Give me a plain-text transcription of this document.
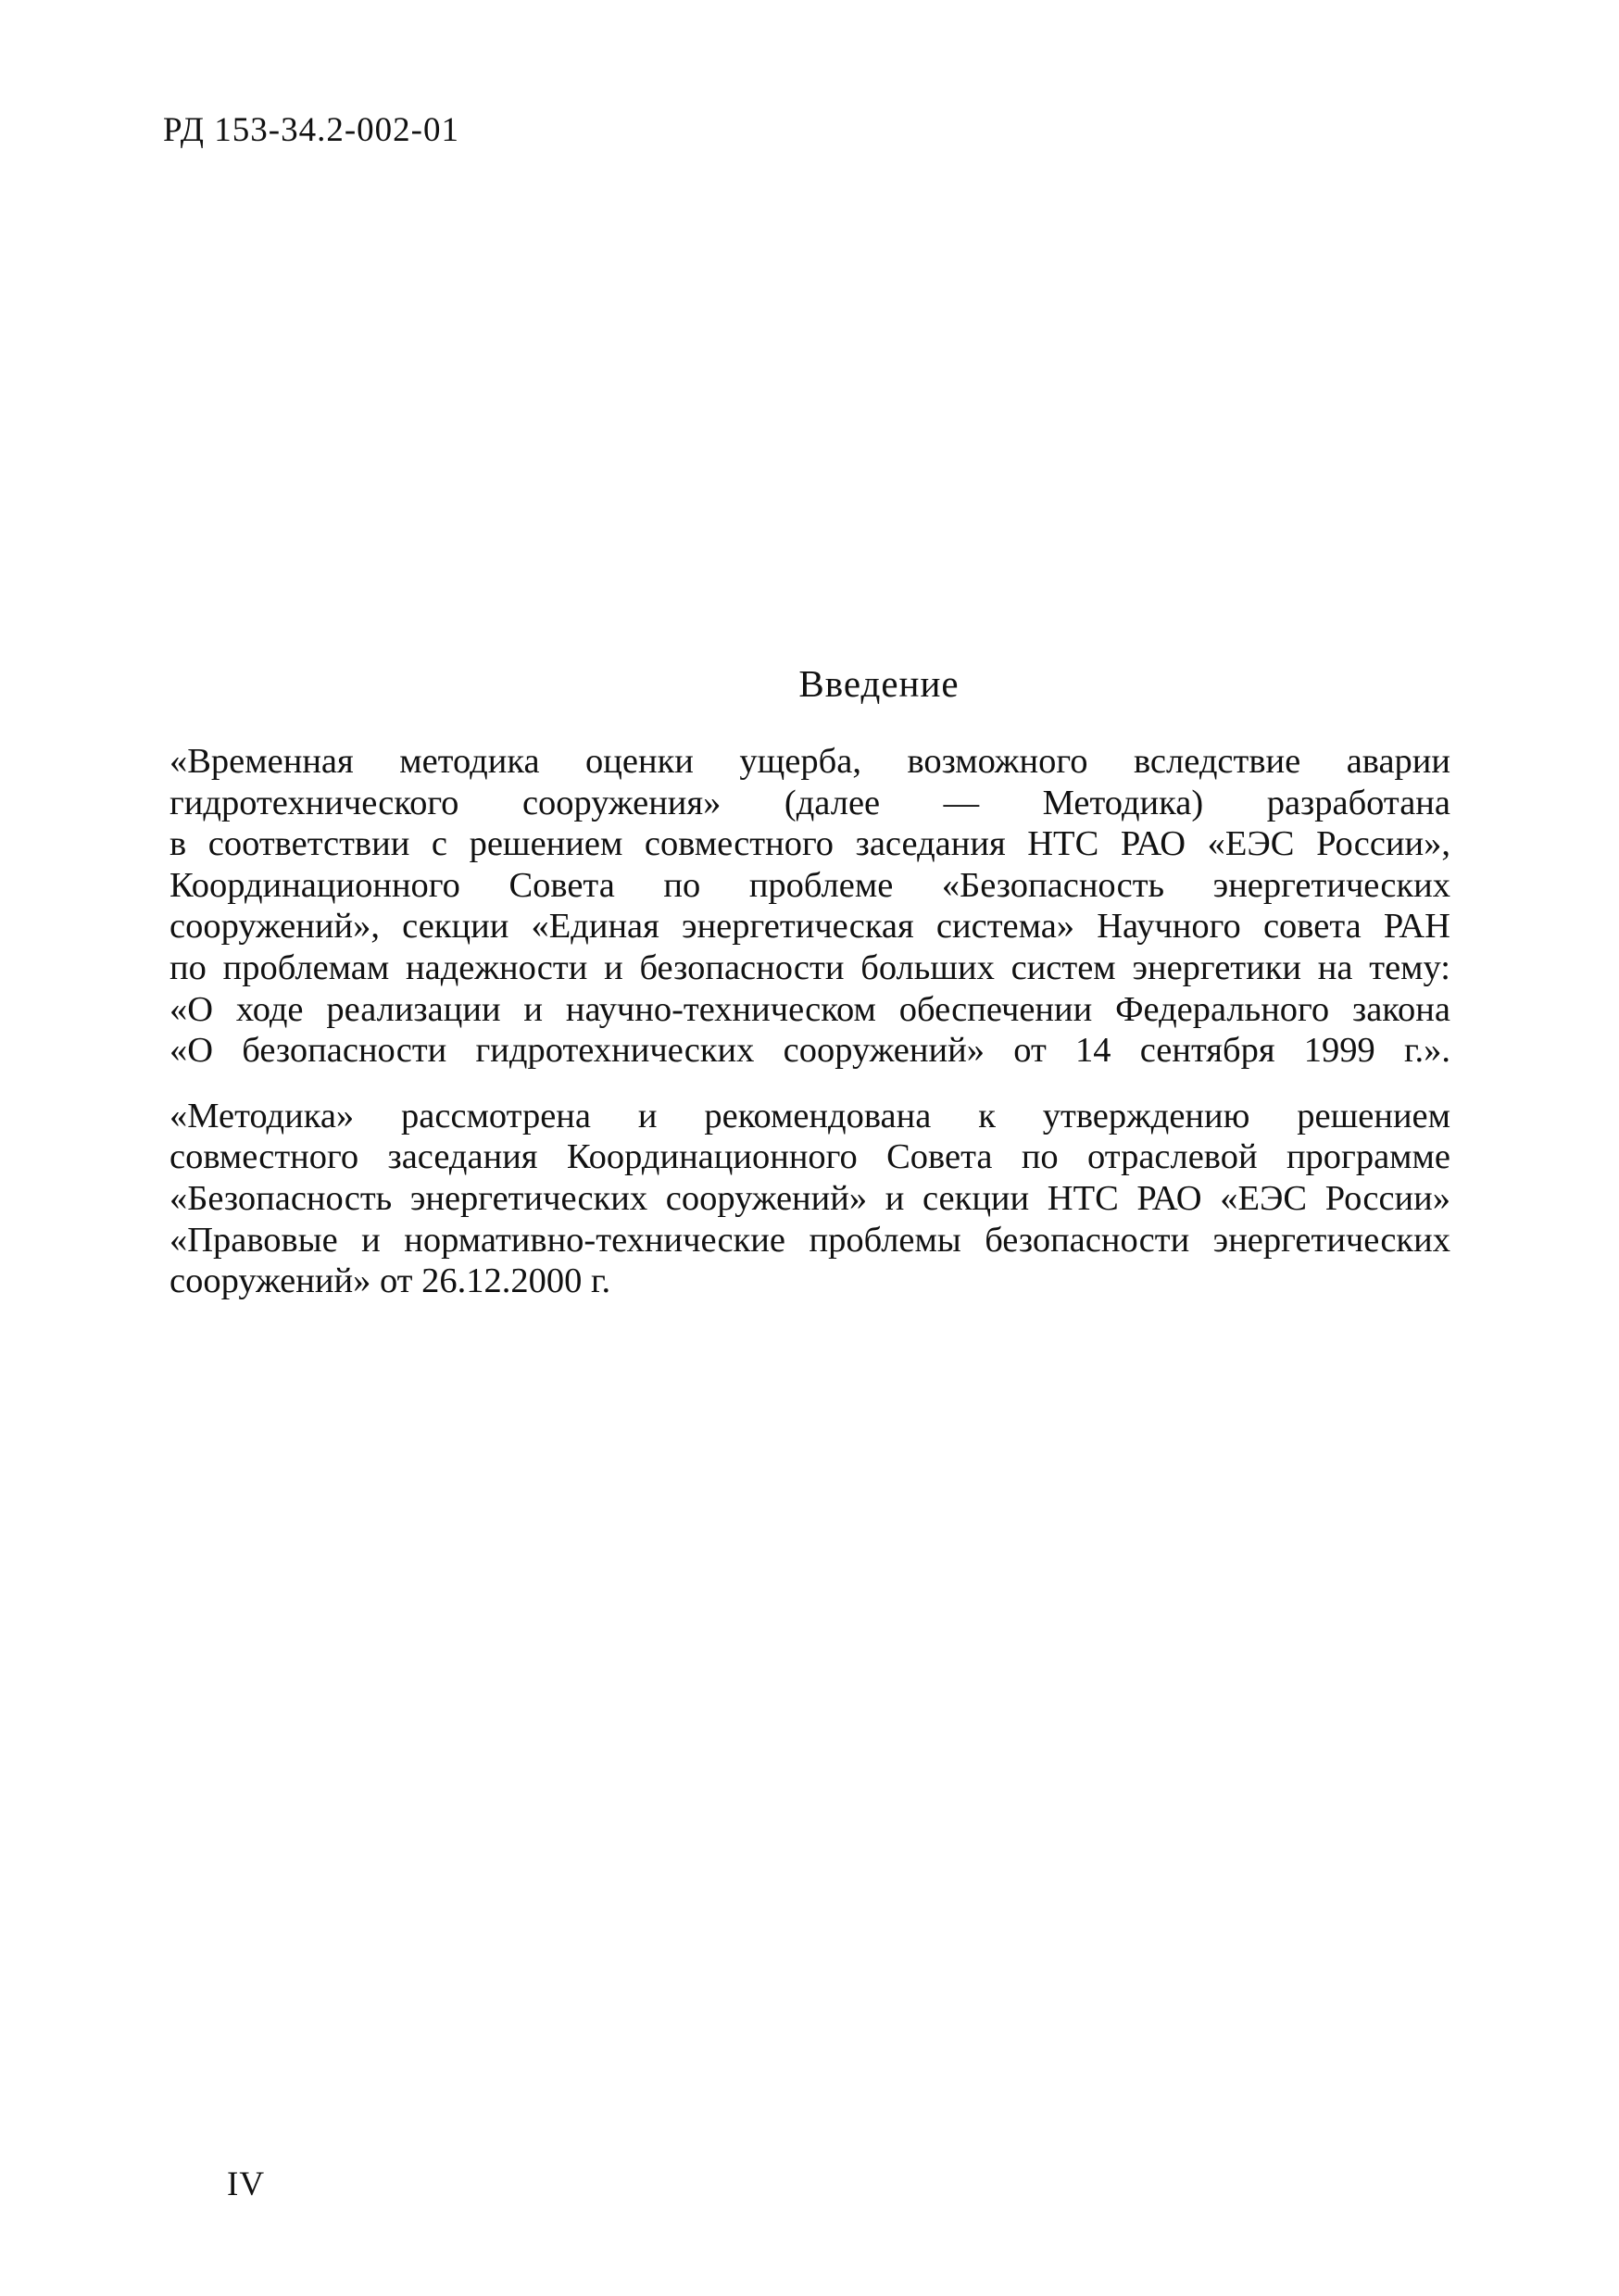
РД 153-34.2-002-01
Введение

«Временная методика оценки ущерба, возможного вследствие аварии
гидротехнического сооружения» (далее — Методика) разработана
в соответствии с решением совместного заседания НТС РАО «ЕЭС России»,
Координационного Совета по проблеме «Безопасность энергетических
сооружений», секции «Единая энергетическая система» Научного совета РАН
по проблемам надежности и безопасности больших систем энергетики на тему:
«О ходе реализации и научно-техническом обеспечении Федерального закона
«О безопасности гидротехнических сооружений» от 14 сентября 1999 г.».

«Методика» рассмотрена и рекомендована к утверждению решением
совместного заседания Координационного Совета по отраслевой программе
«Безопасность энергетических сооружений» и секции НТС РАО «ЕЭС России»
«Правовые и нормативно-технические проблемы безопасности энергетических
сооружений» от 26.12.2000 г.

IV
